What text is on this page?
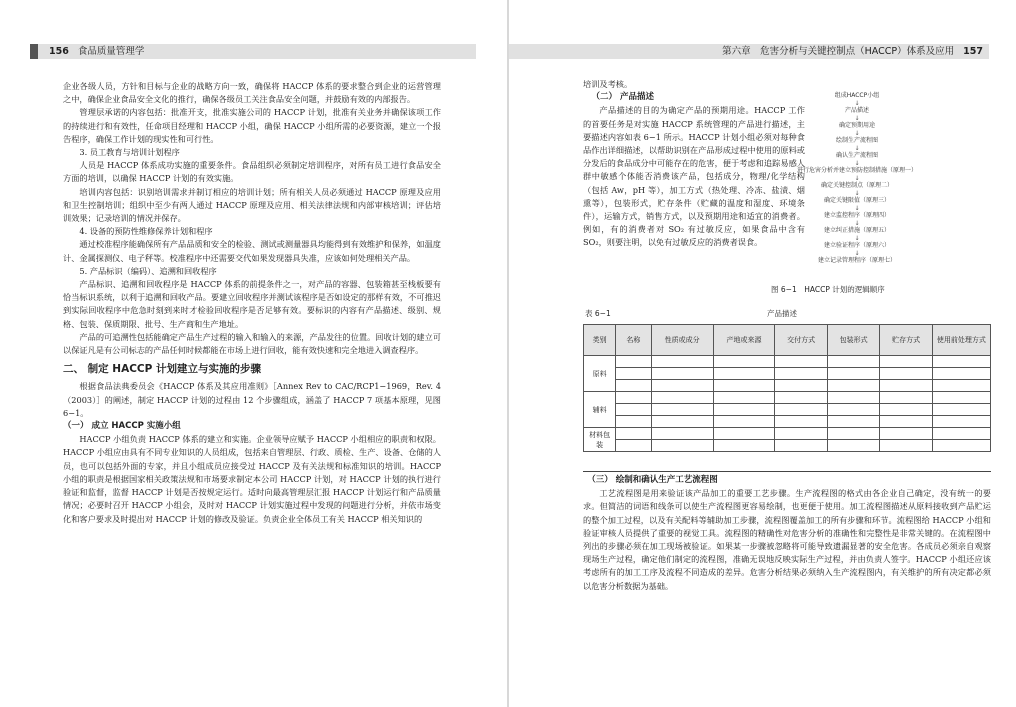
156 食品质量管理学

企业各级人员，方针和目标与企业的战略方向一致，确保将 HACCP 体系的要求整合到企业的运营管理之中，确保企业食品安全文化的推行，确保各级员工关注食品安全问题，并鼓励有效的内部报告。

管理层承诺的内容包括：批准开支，批准实施公司的 HACCP 计划，批准有关业务并确保该项工作的持续进行和有效性，任命项目经理和 HACCP 小组，确保 HACCP 小组所需的必要资源，建立一个报告程序，确保工作计划的现实性和可行性。

3. 员工教育与培训计划程序

人员是 HACCP 体系成功实施的重要条件。食品组织必须制定培训程序，对所有员工进行食品安全方面的培训，以确保 HACCP 计划的有效实施。

培训内容包括：识别培训需求并制订相应的培训计划；所有相关人员必须通过 HACCP 原理及应用和卫生控制培训；组织中至少有两人通过 HACCP 原理及应用、相关法律法规和内部审核培训；评估培训效果；记录培训的情况并保存。

4. 设备的预防性维修保养计划和程序

通过校准程序能确保所有产品品质和安全的检验、测试或测量器具均能得到有效维护和保养，如温度计、金属探测仪、电子秤等。校准程序中还需要交代如果发现器具失准，应该如何处理相关产品。

5. 产品标识（编码）、追溯和回收程序

产品标识、追溯和回收程序是 HACCP 体系的前提条件之一，对产品的容器、包装箱甚至栈板要有恰当标识系统，以利于追溯和回收产品。要建立回收程序并测试该程序是否如设定的那样有效，不可推迟到实际回收程序中危急时刻到来时才检验回收程序是否足够有效。要标识的内容有产品描述、级别、规格、包装、保质期限、批号、生产商和生产地址。

产品的可追溯性包括能确定产品生产过程的输入和输入的来源，产品发往的位置。回收计划的建立可以保证凡是有公司标志的产品任何时候都能在市场上进行回收，能有效快速和完全地进入调查程序。

二、 制定 HACCP 计划建立与实施的步骤

根据食品法典委员会《HACCP 体系及其应用准则》［Annex Rev to CAC/RCP1−1969，Rev. 4（2003）］的阐述，制定 HACCP 计划的过程由 12 个步骤组成，涵盖了 HACCP 7 项基本原理，见图 6−1。

（一） 成立 HACCP 实施小组

HACCP 小组负责 HACCP 体系的建立和实施。企业领导应赋予 HACCP 小组相应的职责和权限。HACCP 小组应由具有不同专业知识的人员组成，包括来自管理层、行政、质检、生产、设备、仓储的人员，也可以包括外面的专家，并且小组成员应接受过 HACCP 及有关法规和标准知识的培训。HACCP 小组的职责是根据国家相关政策法规和市场要求制定本公司 HACCP 计划，对 HACCP 计划的执行进行验证和监督，监督 HACCP 计划是否按规定运行。适时向最高管理层汇报 HACCP 计划运行和产品质量情况；必要时召开 HACCP 小组会，及时对 HACCP 计划实施过程中发现的问题进行分析，并依市场变化和客户要求及时提出对 HACCP 计划的修改及验证。负责企业全体员工有关 HACCP 相关知识的

第六章　危害分析与关键控制点（HACCP）体系及应用 157

培训及考核。

（二） 产品描述

产品描述的目的为确定产品的预期用途。HACCP 工作的首要任务是对实施 HACCP 系统管理的产品进行描述，主要描述内容如表 6−1 所示。HACCP 计划小组必须对每种食品作出详细描述，以帮助识别在产品形成过程中使用的原料或分发后的食品成分中可能存在的危害，便于考虑和追踪易感人群中敏感个体能否消费该产品，包括成分，物理/化学结构（包括 Aw，pH 等），加工方式（热处理、冷冻、盐渍、烟熏等），包装形式，贮存条件（贮藏的温度和湿度、环境条件），运输方式，销售方式，以及预期用途和适宜的消费者。例如，有的消费者对 SO₂ 有过敏反应，如果食品中含有 SO₂，则要注明，以免有过敏反应的消费者误食。

组成HACCP小组
↓
产品描述
↓
确定预期用途
↓
绘制生产流程图
↓
确认生产流程图
↓
进行危害分析并建立预防控制措施（原理一）
↓
确定关键控制点（原理二）
↓
确定关键限值（原理三）
↓
建立监控程序（原理四）
↓
建立纠正措施（原理五）
↓
建立验证程序（原理六）
↓
建立记录管理程序（原理七）
图 6−1　HACCP 计划的逻辑顺序
表 6−1	产品描述
类别	名称	性质或成分	产地或来源	交付方式	包装形式	贮存方式	使用前处理方式
原料							

辅料							

材料包装							

（三） 绘制和确认生产工艺流程图

工艺流程图是用来验证该产品加工的重要工艺步骤。生产流程图的格式由各企业自己确定，没有统一的要求。但简洁的词语和线条可以使生产流程图更容易绘制，也更便于使用。加工流程图描述从原料接收到产品贮运的整个加工过程，以及有关配料等辅助加工步骤，流程图覆盖加工的所有步骤和环节。流程图给 HACCP 小组和验证审核人员提供了重要的视觉工具。流程图的精确性对危害分析的准确性和完整性是非常关键的。在流程图中列出的步骤必须在加工现场被验证。如果某一步骤被忽略将可能导致遗漏显著的安全危害。各成员必须亲自观察现场生产过程，确定他们制定的流程图，准确无误地反映实际生产过程，并由负责人签字。HACCP 小组还应该考虑所有的加工工序及流程不同造成的差异。危害分析结果必须纳入生产流程图内，有关维护的所有决定都必须以危害分析数据为基础。
